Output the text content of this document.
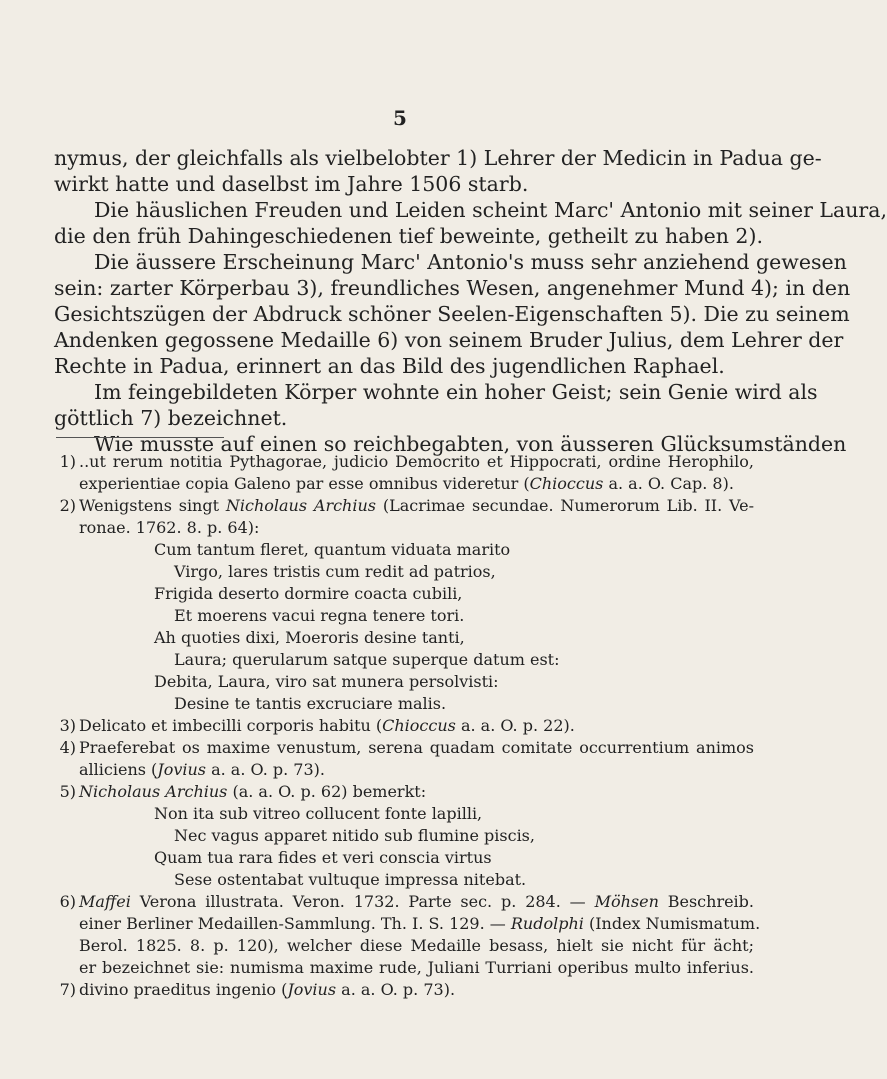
5
nymus, der gleichfalls als vielbelobter 1) Lehrer der Medicin in Padua ge-
wirkt hatte und daselbst im Jahre 1506 starb.
Die häuslichen Freuden und Leiden scheint Marc' Antonio mit seiner Laura,
die den früh Dahingeschiedenen tief beweinte, getheilt zu haben 2).
Die äussere Erscheinung Marc' Antonio's muss sehr anziehend gewesen
sein: zarter Körperbau 3), freundliches Wesen, angenehmer Mund 4); in den
Gesichtszügen der Abdruck schöner Seelen-Eigenschaften 5). Die zu seinem
Andenken gegossene Medaille 6) von seinem Bruder Julius, dem Lehrer der
Rechte in Padua, erinnert an das Bild des jugendlichen Raphael.
Im feingebildeten Körper wohnte ein hoher Geist; sein Genie wird als
göttlich 7) bezeichnet.
Wie musste auf einen so reichbegabten, von äusseren Glücksumständen
1) ..ut rerum notitia Pythagorae, judicio Democrito et Hippocrati, ordine Herophilo,
experientiae copia Galeno par esse omnibus videretur (Chioccus a. a. O. Cap. 8).
2) Wenigstens singt Nicholaus Archius (Lacrimae secundae. Numerorum Lib. II. Ve-
ronae. 1762. 8. p. 64):
Cum tantum fleret, quantum viduata marito
Virgo, lares tristis cum redit ad patrios,
Frigida deserto dormire coacta cubili,
Et moerens vacui regna tenere tori.
Ah quoties dixi, Moeroris desine tanti,
Laura; querularum satque superque datum est:
Debita, Laura, viro sat munera persolvisti:
Desine te tantis excruciare malis.
3) Delicato et imbecilli corporis habitu (Chioccus a. a. O. p. 22).
4) Praeferebat os maxime venustum, serena quadam comitate occurrentium animos
alliciens (Jovius a. a. O. p. 73).
5) Nicholaus Archius (a. a. O. p. 62) bemerkt:
Non ita sub vitreo collucent fonte lapilli,
Nec vagus apparet nitido sub flumine piscis,
Quam tua rara fides et veri conscia virtus
Sese ostentabat vultuque impressa nitebat.
6) Maffei Verona illustrata. Veron. 1732. Parte sec. p. 284. — Möhsen Beschreib.
einer Berliner Medaillen-Sammlung. Th. I. S. 129. — Rudolphi (Index Numismatum.
Berol. 1825. 8. p. 120), welcher diese Medaille besass, hielt sie nicht für ächt;
er bezeichnet sie: numisma maxime rude, Juliani Turriani operibus multo inferius.
7) divino praeditus ingenio (Jovius a. a. O. p. 73).
